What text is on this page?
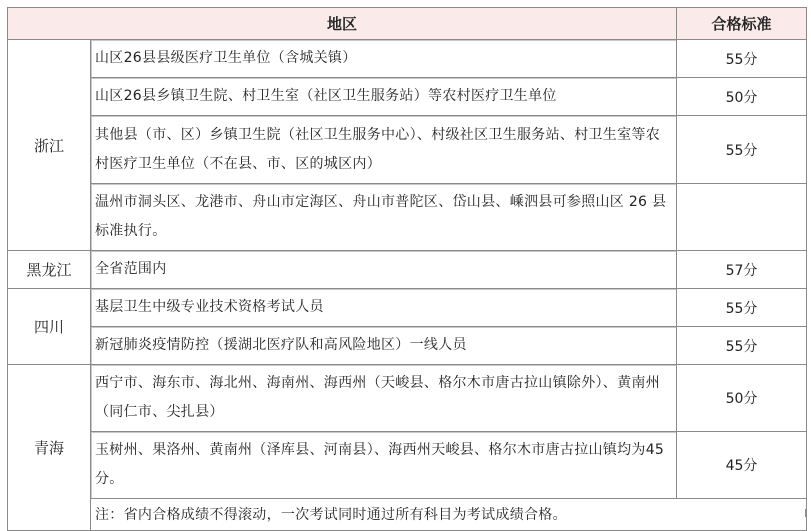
地区		合格标准
浙江	山区26县县级医疗卫生单位（含城关镇）	55分
	山区26县乡镇卫生院、村卫生室（社区卫生服务站）等农村医疗卫生单位	50分
	其他县（市、区）乡镇卫生院（社区卫生服务中心）、村级社区卫生服务站、村卫生室等农村医疗卫生单位（不在县、市、区的城区内）	55分
	温州市洞头区、龙港市、舟山市定海区、舟山市普陀区、岱山县、嵊泗县可参照山区 26 县标准执行。	
黑龙江	全省范围内	57分
四川	基层卫生中级专业技术资格考试人员	55分
	新冠肺炎疫情防控（援湖北医疗队和高风险地区）一线人员	55分
青海	西宁市、海东市、海北州、海南州、海西州（天峻县、格尔木市唐古拉山镇除外）、黄南州（同仁市、尖扎县）	50分
	玉树州、果洛州、黄南州（泽库县、河南县）、海西州天峻县、格尔木市唐古拉山镇均为45分。	45分
	注：省内合格成绩不得滚动，一次考试同时通过所有科目为考试成绩合格。	
